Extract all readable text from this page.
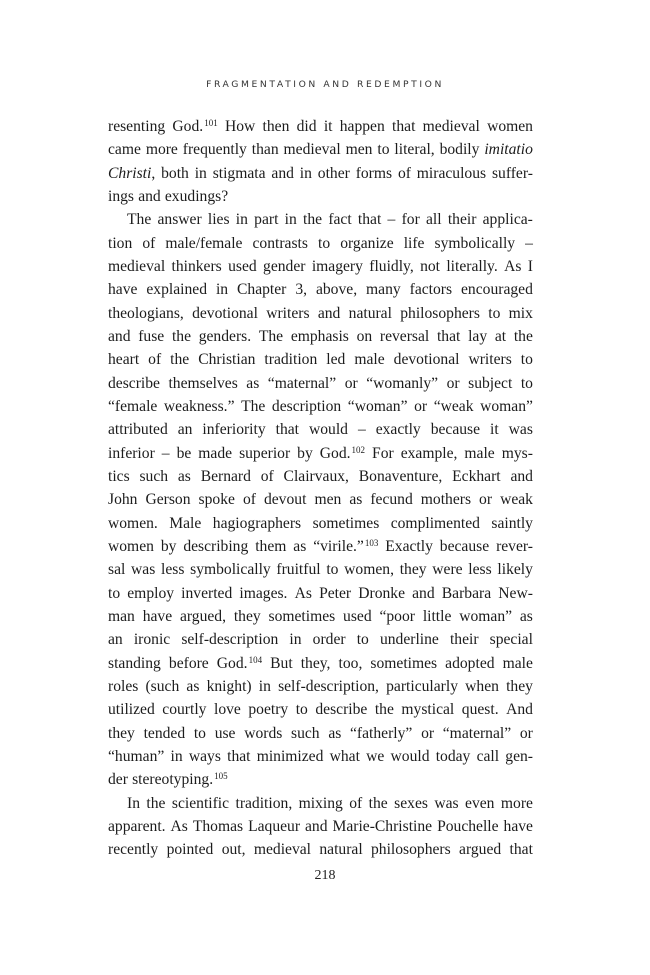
FRAGMENTATION AND REDEMPTION
resenting God.$^{101}$ How then did it happen that medieval women
came more frequently than medieval men to literal, bodily imitatio
Christi, both in stigmata and in other forms of miraculous suffer-
ings and exudings?
The answer lies in part in the fact that – for all their applica-
tion of male/female contrasts to organize life symbolically –
medieval thinkers used gender imagery fluidly, not literally. As I
have explained in Chapter 3, above, many factors encouraged
theologians, devotional writers and natural philosophers to mix
and fuse the genders. The emphasis on reversal that lay at the
heart of the Christian tradition led male devotional writers to
describe themselves as “maternal” or “womanly” or subject to
“female weakness.” The description “woman” or “weak woman”
attributed an inferiority that would – exactly because it was
inferior – be made superior by God.$^{102}$ For example, male mys-
tics such as Bernard of Clairvaux, Bonaventure, Eckhart and
John Gerson spoke of devout men as fecund mothers or weak
women. Male hagiographers sometimes complimented saintly
women by describing them as “virile.”$^{103}$ Exactly because rever-
sal was less symbolically fruitful to women, they were less likely
to employ inverted images. As Peter Dronke and Barbara New-
man have argued, they sometimes used “poor little woman” as
an ironic self-description in order to underline their special
standing before God.$^{104}$ But they, too, sometimes adopted male
roles (such as knight) in self-description, particularly when they
utilized courtly love poetry to describe the mystical quest. And
they tended to use words such as “fatherly” or “maternal” or
“human” in ways that minimized what we would today call gen-
der stereotyping.$^{105}$
In the scientific tradition, mixing of the sexes was even more
apparent. As Thomas Laqueur and Marie-Christine Pouchelle have
recently pointed out, medieval natural philosophers argued that
218
